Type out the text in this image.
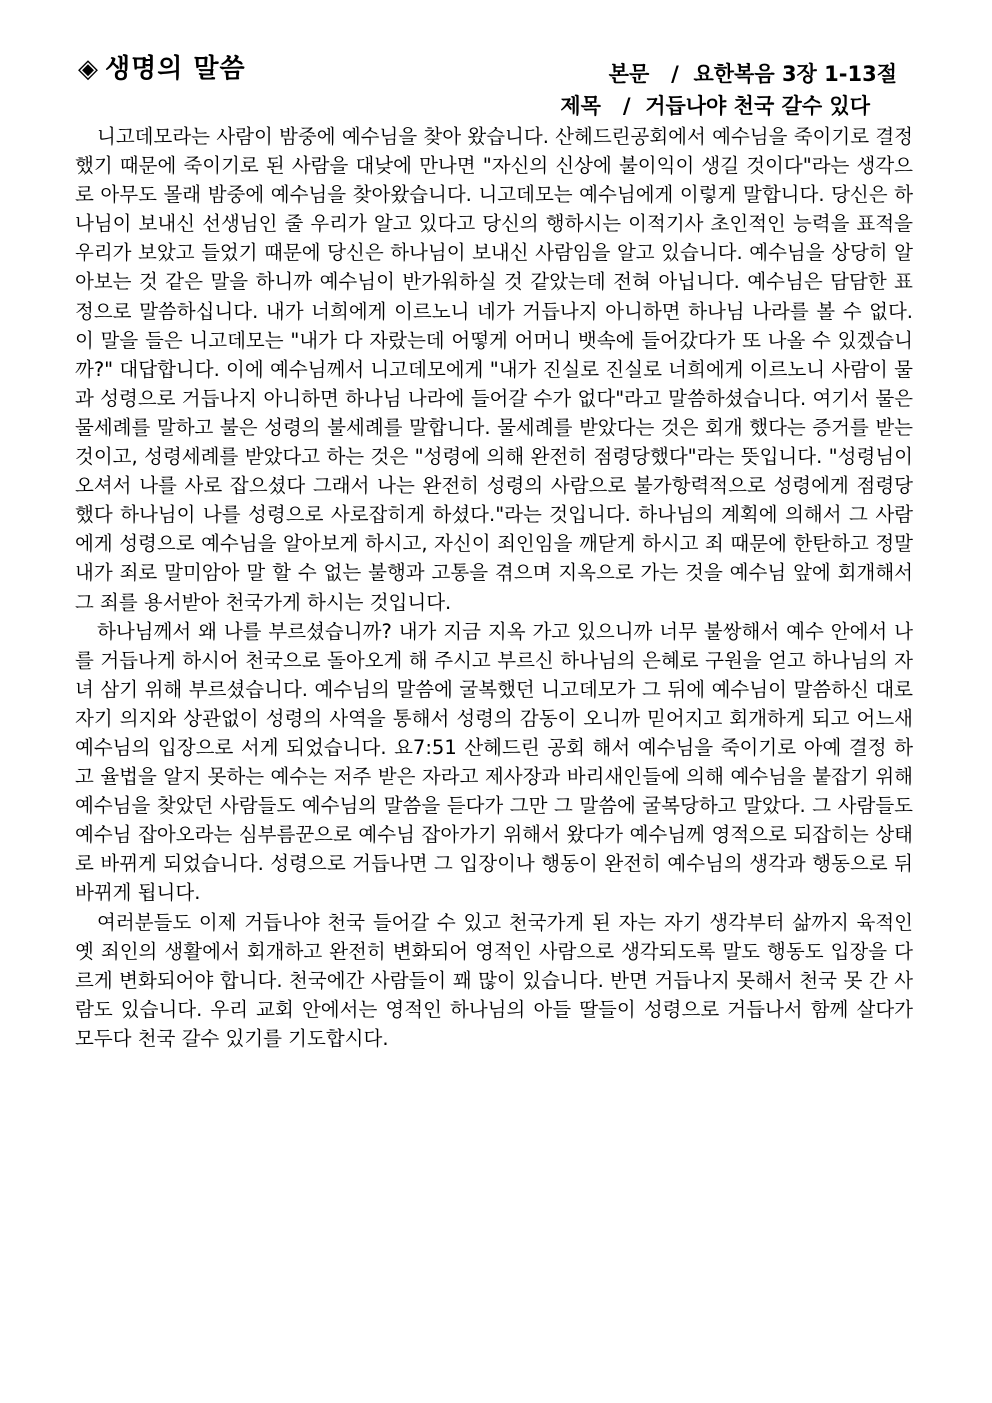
◈ 생명의 말씀	본문   /  요한복음 3장 1-13절
제목   /  거듭나야 천국 갈수 있다

니고데모라는 사람이 밤중에 예수님을 찾아 왔습니다. 산헤드린공회에서 예수님을 죽이기로 결정했기 때문에 죽이기로 된 사람을 대낮에 만나면 "자신의 신상에 불이익이 생길 것이다"라는 생각으로 아무도 몰래 밤중에 예수님을 찾아왔습니다. 니고데모는 예수님에게 이렇게 말합니다. 당신은 하나님이 보내신 선생님인 줄 우리가 알고 있다고 당신의 행하시는 이적기사 초인적인 능력을 표적을 우리가 보았고 들었기 때문에 당신은 하나님이 보내신 사람임을 알고 있습니다. 예수님을 상당히 알아보는 것 같은 말을 하니까 예수님이 반가워하실 것 같았는데 전혀 아닙니다. 예수님은 담담한 표정으로 말씀하십니다. 내가 너희에게 이르노니 네가 거듭나지 아니하면 하나님 나라를 볼 수 없다. 이 말을 들은 니고데모는 "내가 다 자랐는데 어떻게 어머니 뱃속에 들어갔다가 또 나올 수 있겠습니까?" 대답합니다. 이에 예수님께서 니고데모에게 "내가 진실로 진실로 너희에게 이르노니 사람이 물과 성령으로 거듭나지 아니하면 하나님 나라에 들어갈 수가 없다"라고 말씀하셨습니다. 여기서 물은 물세례를 말하고 불은 성령의 불세례를 말합니다. 물세례를 받았다는 것은 회개 했다는 증거를 받는 것이고, 성령세례를 받았다고 하는 것은 "성령에 의해 완전히 점령당했다"라는 뜻입니다. "성령님이 오셔서 나를 사로 잡으셨다 그래서 나는 완전히 성령의 사람으로 불가항력적으로 성령에게 점령당했다 하나님이 나를 성령으로 사로잡히게 하셨다."라는 것입니다. 하나님의 계획에 의해서 그 사람에게 성령으로 예수님을 알아보게 하시고, 자신이 죄인임을 깨닫게 하시고 죄 때문에 한탄하고 정말 내가 죄로 말미암아 말 할 수 없는 불행과 고통을 겪으며 지옥으로 가는 것을 예수님 앞에 회개해서 그 죄를 용서받아 천국가게 하시는 것입니다.

하나님께서 왜 나를 부르셨습니까? 내가 지금 지옥 가고 있으니까 너무 불쌍해서 예수 안에서 나를 거듭나게 하시어 천국으로 돌아오게 해 주시고 부르신 하나님의 은혜로 구원을 얻고 하나님의 자녀 삼기 위해 부르셨습니다. 예수님의 말씀에 굴복했던 니고데모가 그 뒤에 예수님이 말씀하신 대로 자기 의지와 상관없이 성령의 사역을 통해서 성령의 감동이 오니까 믿어지고 회개하게 되고 어느새 예수님의 입장으로 서게 되었습니다. 요7:51 산헤드린 공회 해서 예수님을 죽이기로 아예 결정 하고 율법을 알지 못하는 예수는 저주 받은 자라고 제사장과 바리새인들에 의해 예수님을 붙잡기 위해 예수님을 찾았던 사람들도 예수님의 말씀을 듣다가 그만 그 말씀에 굴복당하고 말았다. 그 사람들도 예수님 잡아오라는 심부름꾼으로 예수님 잡아가기 위해서 왔다가 예수님께 영적으로 되잡히는 상태로 바뀌게 되었습니다. 성령으로 거듭나면 그 입장이나 행동이 완전히 예수님의 생각과 행동으로 뒤바뀌게 됩니다.

여러분들도 이제 거듭나야 천국 들어갈 수 있고 천국가게 된 자는 자기 생각부터 삶까지 육적인 옛 죄인의 생활에서 회개하고 완전히 변화되어 영적인 사람으로 생각되도록 말도 행동도 입장을 다르게 변화되어야 합니다. 천국에간 사람들이 꽤 많이 있습니다. 반면 거듭나지 못해서 천국 못 간 사람도 있습니다. 우리 교회 안에서는 영적인 하나님의 아들 딸들이 성령으로 거듭나서 함께 살다가 모두다 천국 갈수 있기를 기도합시다.
